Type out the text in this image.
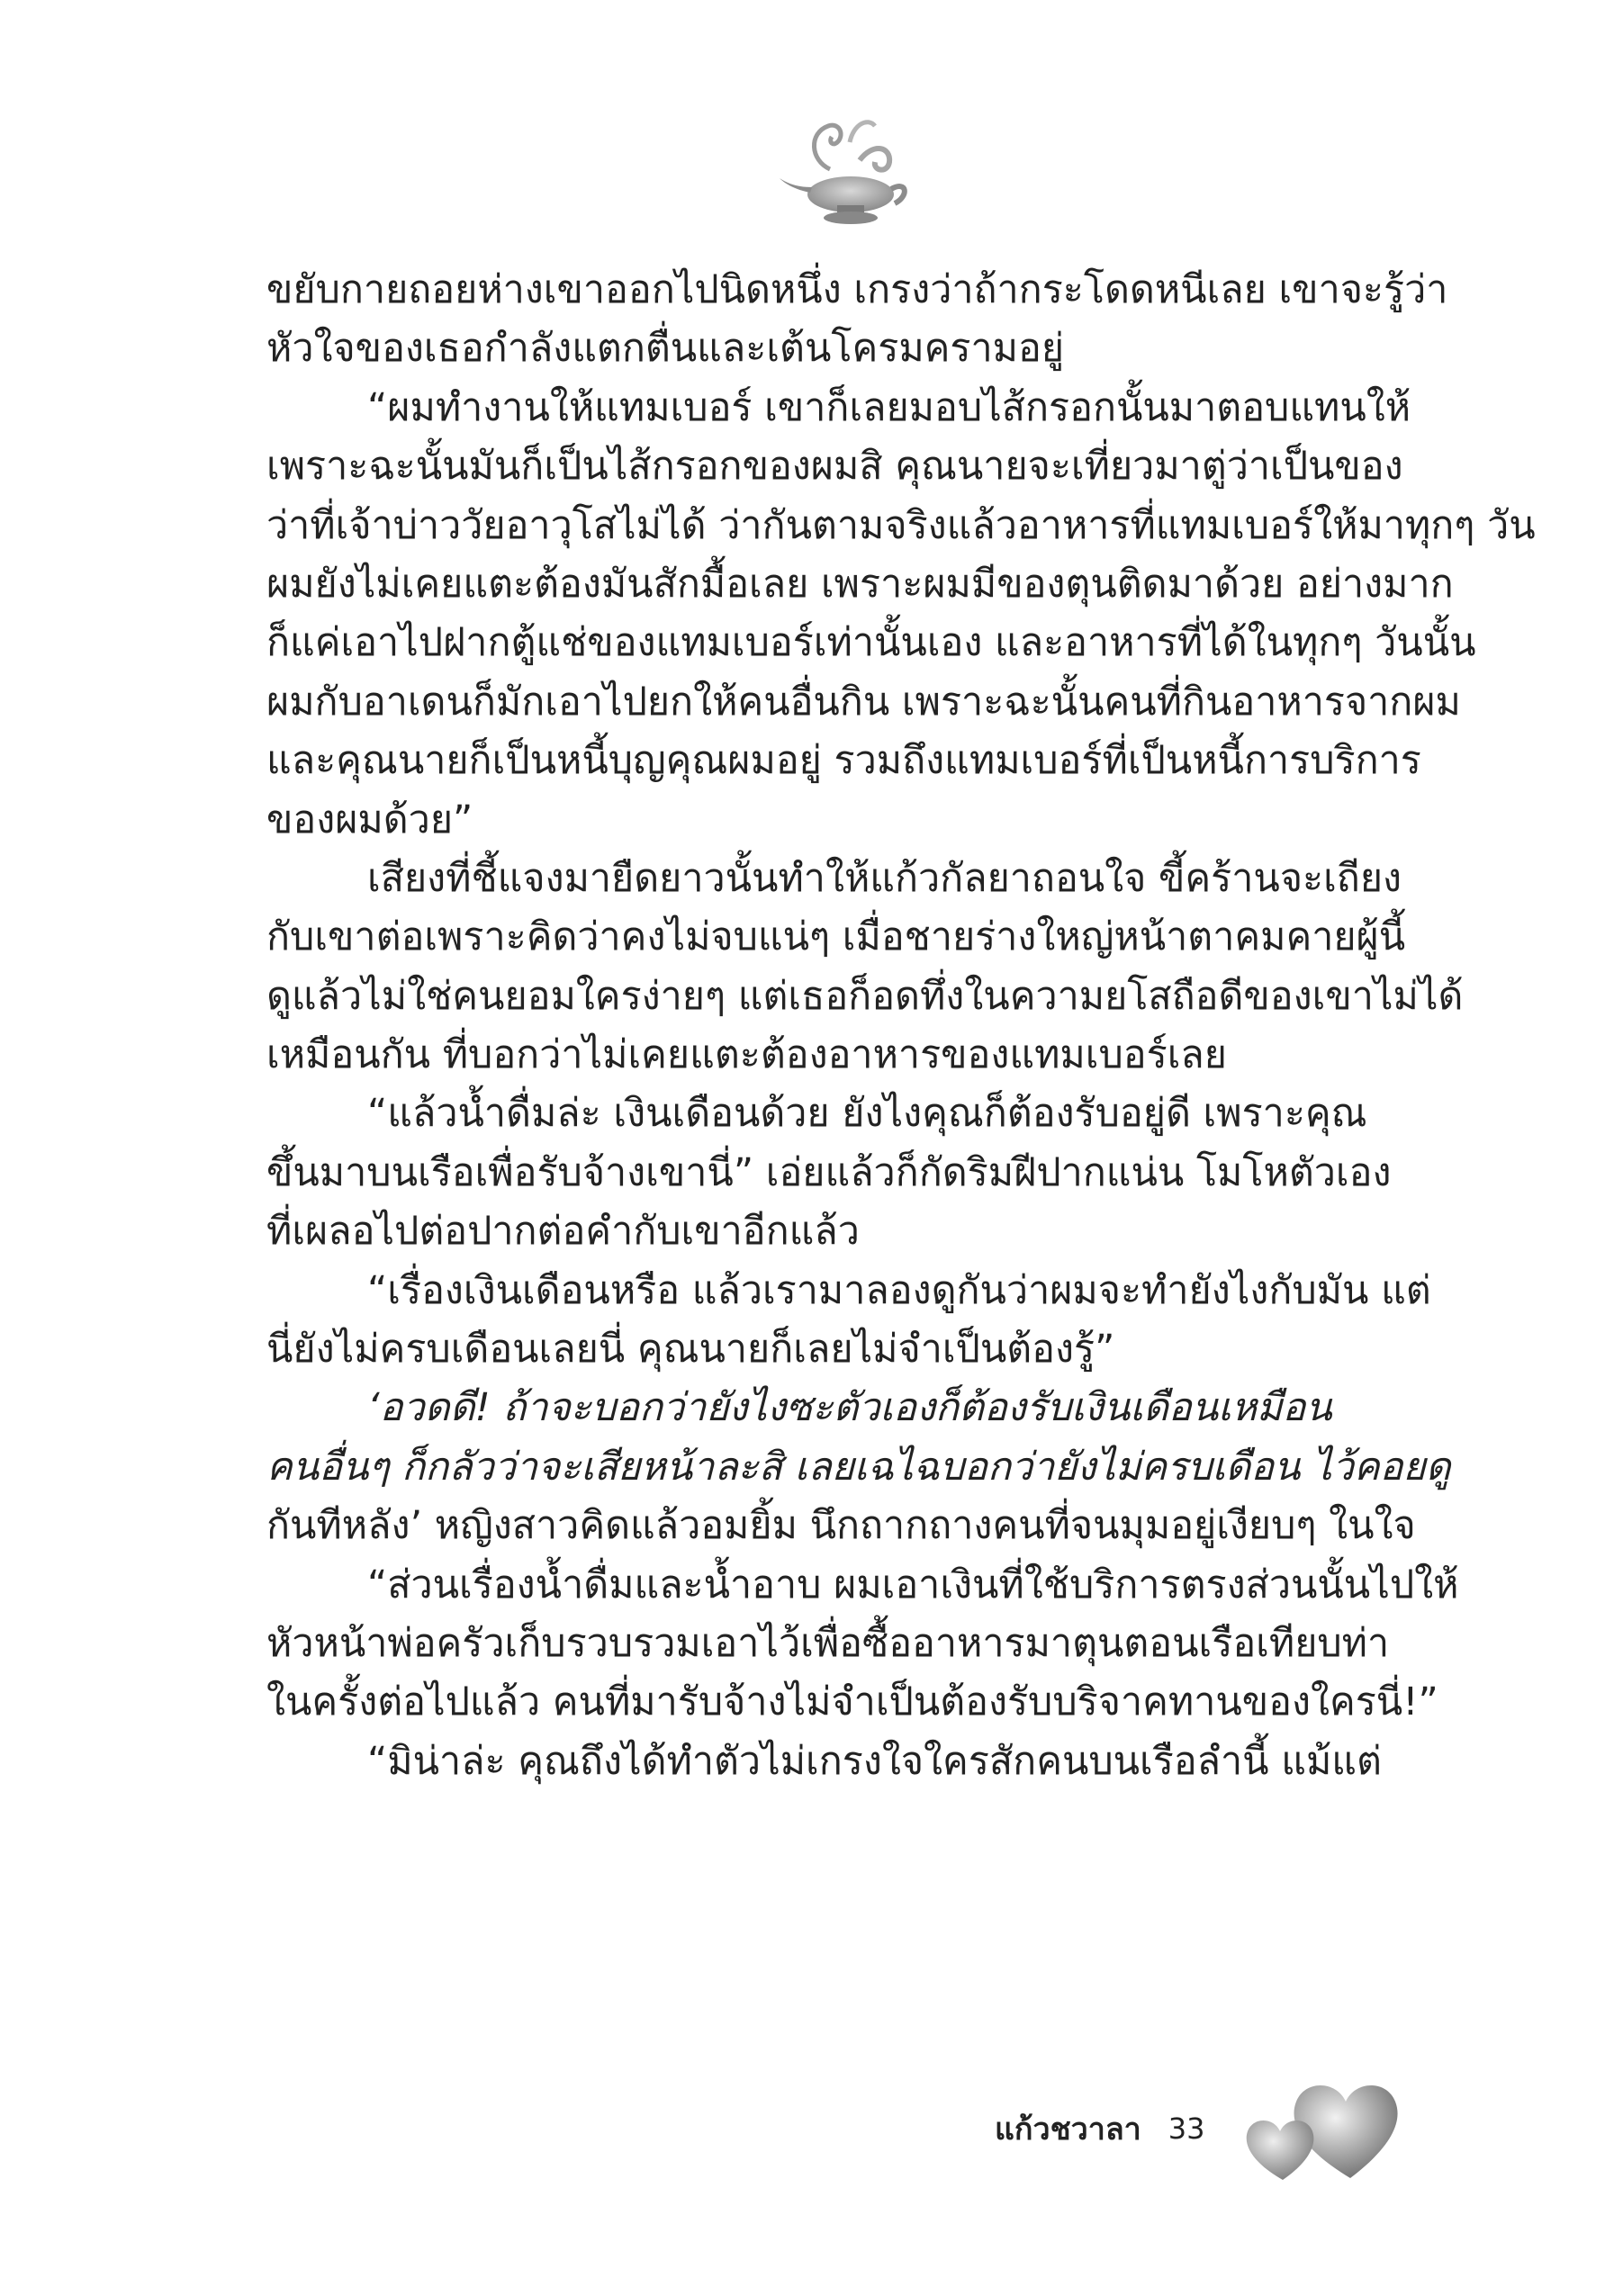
ขยับกายถอยห่างเขาออกไปนิดหนึ่ง เกรงว่าถ้ากระโดดหนีเลย เขาจะรู้ว่า
หัวใจของเธอกำลังแตกตื่นและเต้นโครมครามอยู่
“ผมทำงานให้แทมเบอร์ เขาก็เลยมอบไส้กรอกนั้นมาตอบแทนให้
เพราะฉะนั้นมันก็เป็นไส้กรอกของผมสิ คุณนายจะเที่ยวมาตู่ว่าเป็นของ
ว่าที่เจ้าบ่าววัยอาวุโสไม่ได้ ว่ากันตามจริงแล้วอาหารที่แทมเบอร์ให้มาทุกๆ วัน
ผมยังไม่เคยแตะต้องมันสักมื้อเลย เพราะผมมีของตุนติดมาด้วย อย่างมาก
ก็แค่เอาไปฝากตู้แช่ของแทมเบอร์เท่านั้นเอง และอาหารที่ได้ในทุกๆ วันนั้น
ผมกับอาเดนก็มักเอาไปยกให้คนอื่นกิน เพราะฉะนั้นคนที่กินอาหารจากผม
และคุณนายก็เป็นหนี้บุญคุณผมอยู่ รวมถึงแทมเบอร์ที่เป็นหนี้การบริการ
ของผมด้วย”
เสียงที่ชี้แจงมายืดยาวนั้นทำให้แก้วกัลยาถอนใจ ขี้คร้านจะเถียง
กับเขาต่อเพราะคิดว่าคงไม่จบแน่ๆ เมื่อชายร่างใหญ่หน้าตาคมคายผู้นี้
ดูแล้วไม่ใช่คนยอมใครง่ายๆ แต่เธอก็อดทึ่งในความยโสถือดีของเขาไม่ได้
เหมือนกัน ที่บอกว่าไม่เคยแตะต้องอาหารของแทมเบอร์เลย
“แล้วน้ำดื่มล่ะ เงินเดือนด้วย ยังไงคุณก็ต้องรับอยู่ดี เพราะคุณ
ขึ้นมาบนเรือเพื่อรับจ้างเขานี่” เอ่ยแล้วก็กัดริมฝีปากแน่น โมโหตัวเอง
ที่เผลอไปต่อปากต่อคำกับเขาอีกแล้ว
“เรื่องเงินเดือนหรือ แล้วเรามาลองดูกันว่าผมจะทำยังไงกับมัน แต่
นี่ยังไม่ครบเดือนเลยนี่ คุณนายก็เลยไม่จำเป็นต้องรู้”
‘อวดดี! ถ้าจะบอกว่ายังไงซะตัวเองก็ต้องรับเงินเดือนเหมือน
คนอื่นๆ ก็กลัวว่าจะเสียหน้าละสิ เลยเฉไฉบอกว่ายังไม่ครบเดือน ไว้คอยดู
กันทีหลัง’ หญิงสาวคิดแล้วอมยิ้ม นึกถากถางคนที่จนมุมอยู่เงียบๆ ในใจ
“ส่วนเรื่องน้ำดื่มและน้ำอาบ ผมเอาเงินที่ใช้บริการตรงส่วนนั้นไปให้
หัวหน้าพ่อครัวเก็บรวบรวมเอาไว้เพื่อซื้ออาหารมาตุนตอนเรือเทียบท่า
ในครั้งต่อไปแล้ว คนที่มารับจ้างไม่จำเป็นต้องรับบริจาคทานของใครนี่!”
“มิน่าล่ะ คุณถึงได้ทำตัวไม่เกรงใจใครสักคนบนเรือลำนี้ แม้แต่
แก้วชวาลา 33
